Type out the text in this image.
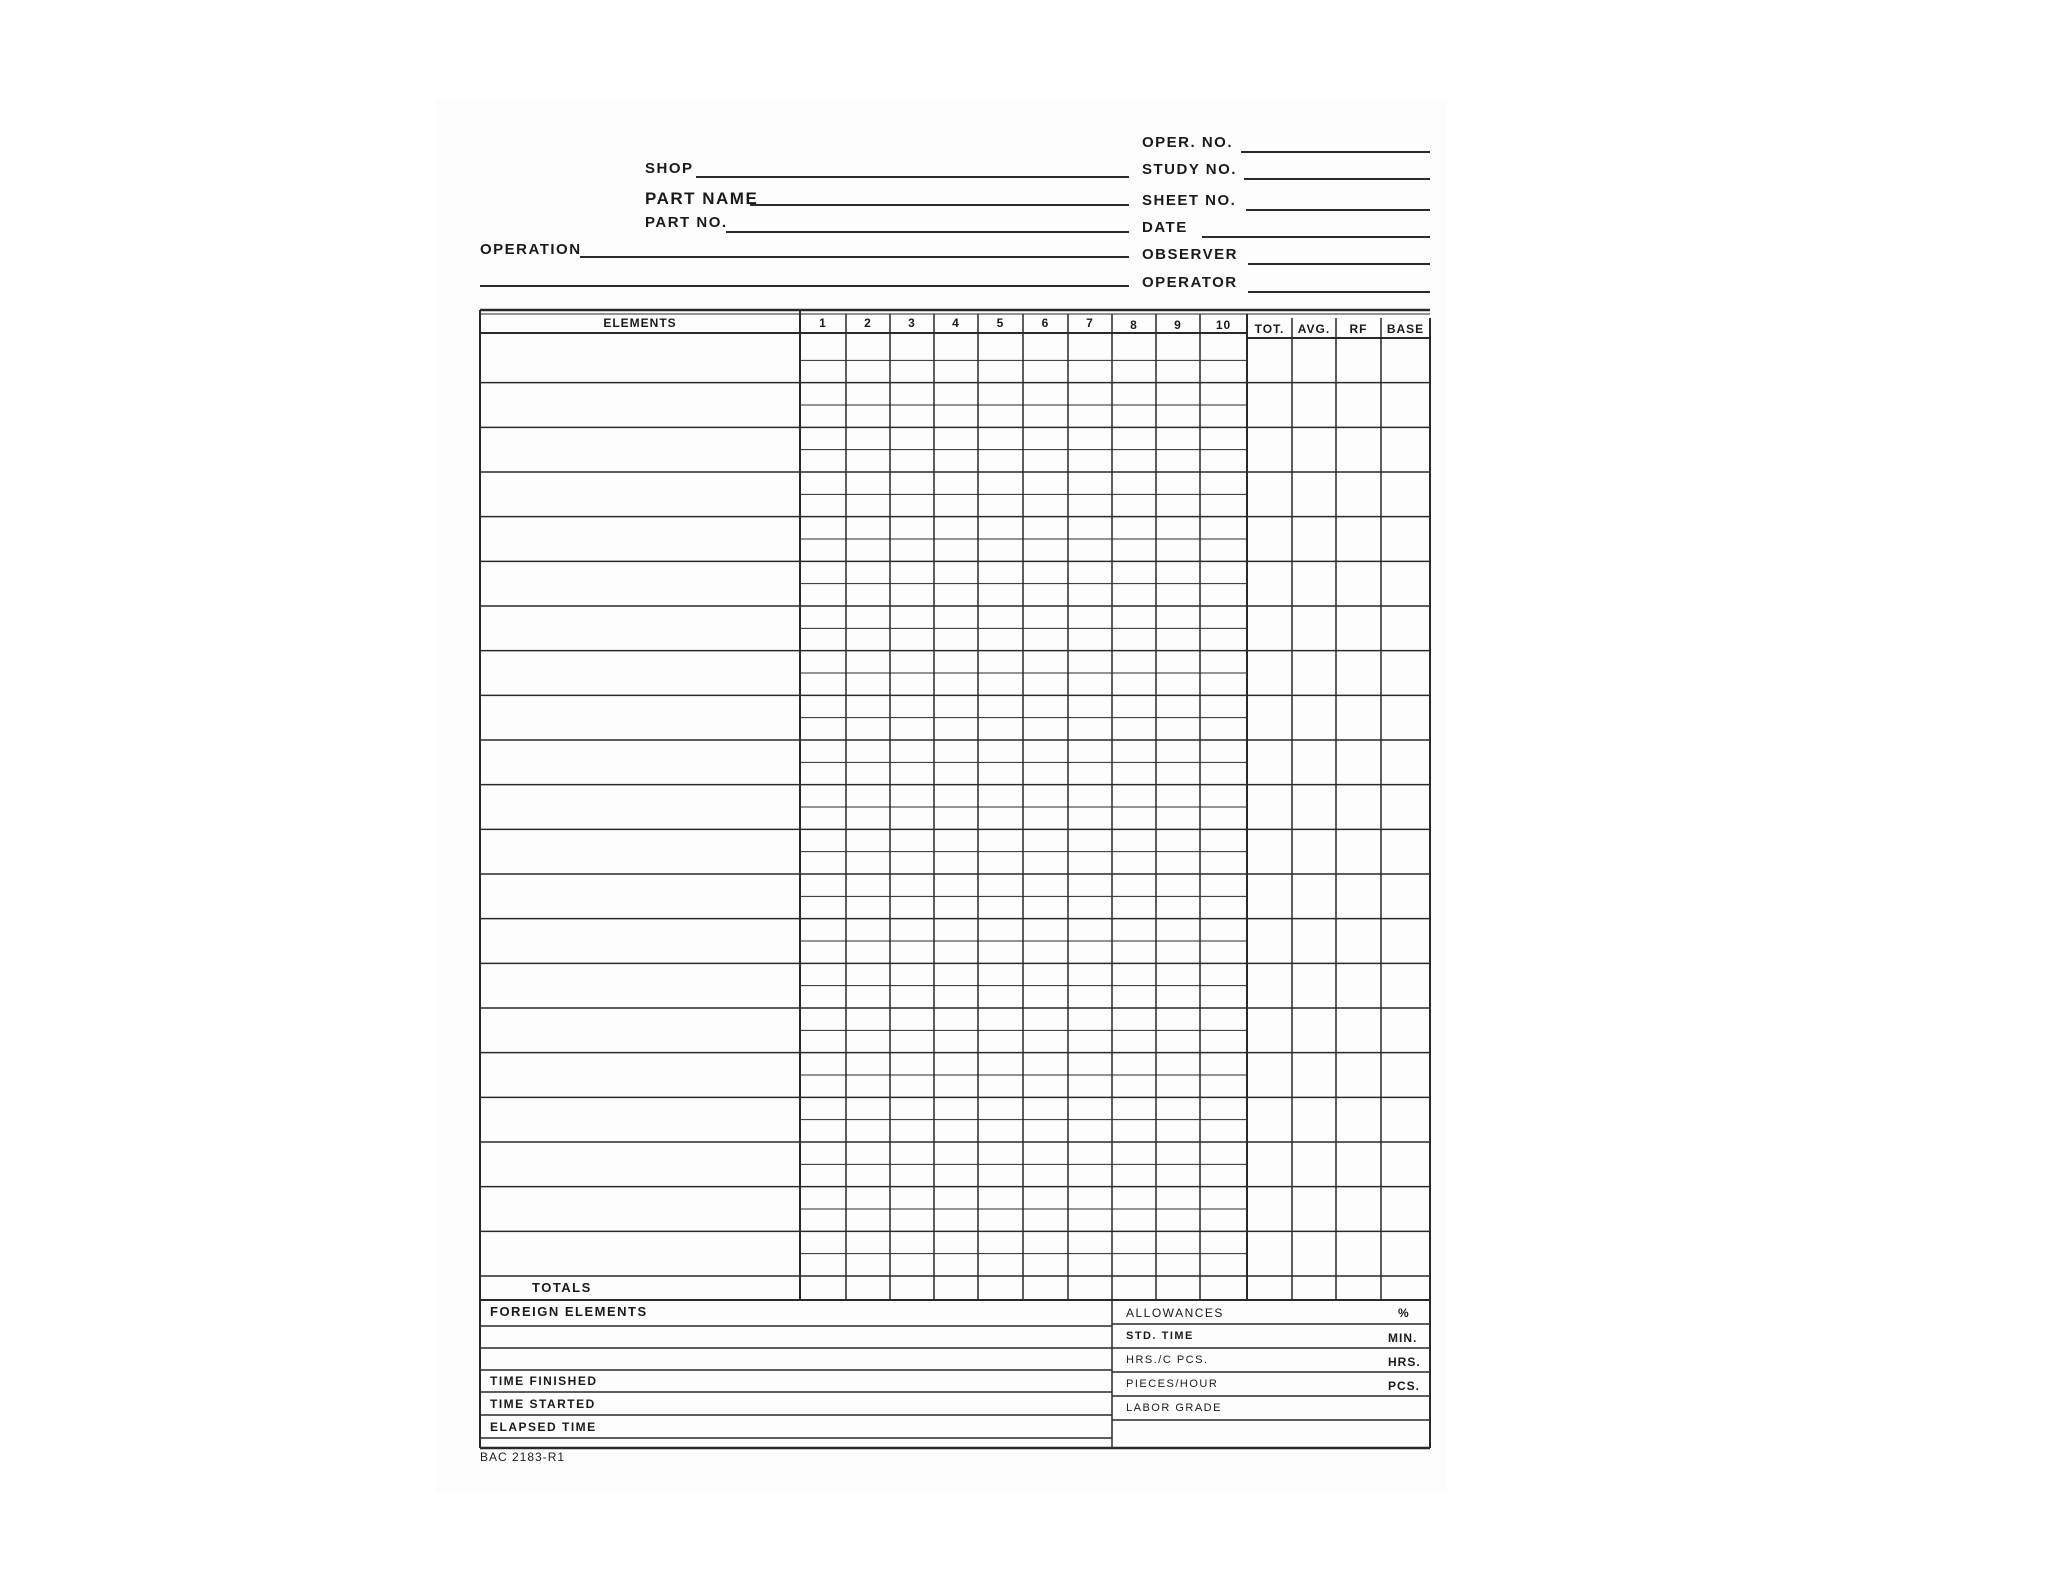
SHOP
PART NAME
PART NO.
OPERATION
OPER. NO.
STUDY NO.
SHEET NO.
DATE
OBSERVER
OPERATOR
ELEMENTS	1	2	3	4	5	6	7	8	9	10	TOT.	AVG.	RF	BASE
TOTALS
FOREIGN ELEMENTS
TIME FINISHED
TIME STARTED
ELAPSED TIME
ALLOWANCES	%
STD. TIME	MIN.
HRS./C PCS.	HRS.
PIECES/HOUR	PCS.
LABOR GRADE
BAC 2183-R1
